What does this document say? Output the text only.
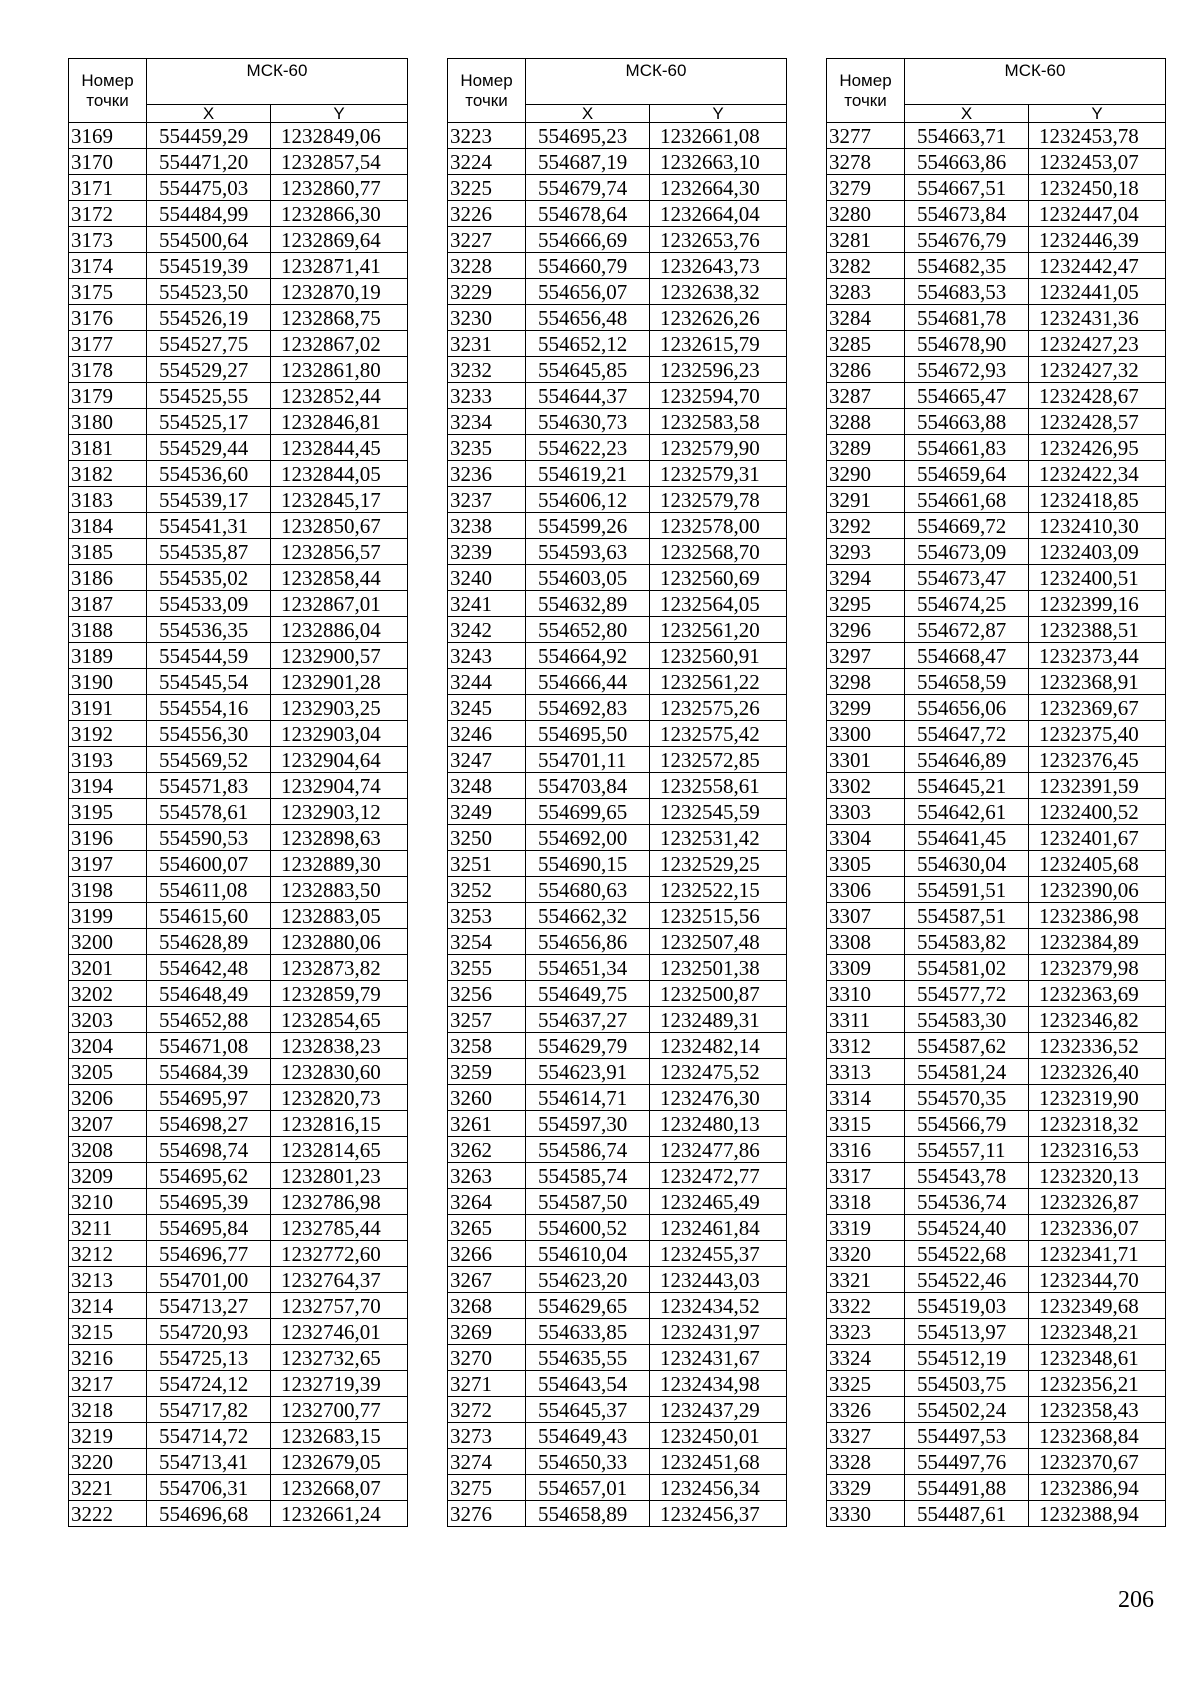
Номер точки	МСК-60	
	X	Y
3169	554459,29	1232849,06
3170	554471,20	1232857,54
3171	554475,03	1232860,77
3172	554484,99	1232866,30
3173	554500,64	1232869,64
3174	554519,39	1232871,41
3175	554523,50	1232870,19
3176	554526,19	1232868,75
3177	554527,75	1232867,02
3178	554529,27	1232861,80
3179	554525,55	1232852,44
3180	554525,17	1232846,81
3181	554529,44	1232844,45
3182	554536,60	1232844,05
3183	554539,17	1232845,17
3184	554541,31	1232850,67
3185	554535,87	1232856,57
3186	554535,02	1232858,44
3187	554533,09	1232867,01
3188	554536,35	1232886,04
3189	554544,59	1232900,57
3190	554545,54	1232901,28
3191	554554,16	1232903,25
3192	554556,30	1232903,04
3193	554569,52	1232904,64
3194	554571,83	1232904,74
3195	554578,61	1232903,12
3196	554590,53	1232898,63
3197	554600,07	1232889,30
3198	554611,08	1232883,50
3199	554615,60	1232883,05
3200	554628,89	1232880,06
3201	554642,48	1232873,82
3202	554648,49	1232859,79
3203	554652,88	1232854,65
3204	554671,08	1232838,23
3205	554684,39	1232830,60
3206	554695,97	1232820,73
3207	554698,27	1232816,15
3208	554698,74	1232814,65
3209	554695,62	1232801,23
3210	554695,39	1232786,98
3211	554695,84	1232785,44
3212	554696,77	1232772,60
3213	554701,00	1232764,37
3214	554713,27	1232757,70
3215	554720,93	1232746,01
3216	554725,13	1232732,65
3217	554724,12	1232719,39
3218	554717,82	1232700,77
3219	554714,72	1232683,15
3220	554713,41	1232679,05
3221	554706,31	1232668,07
3222	554696,68	1232661,24
Номер точки	МСК-60	
	X	Y
3223	554695,23	1232661,08
3224	554687,19	1232663,10
3225	554679,74	1232664,30
3226	554678,64	1232664,04
3227	554666,69	1232653,76
3228	554660,79	1232643,73
3229	554656,07	1232638,32
3230	554656,48	1232626,26
3231	554652,12	1232615,79
3232	554645,85	1232596,23
3233	554644,37	1232594,70
3234	554630,73	1232583,58
3235	554622,23	1232579,90
3236	554619,21	1232579,31
3237	554606,12	1232579,78
3238	554599,26	1232578,00
3239	554593,63	1232568,70
3240	554603,05	1232560,69
3241	554632,89	1232564,05
3242	554652,80	1232561,20
3243	554664,92	1232560,91
3244	554666,44	1232561,22
3245	554692,83	1232575,26
3246	554695,50	1232575,42
3247	554701,11	1232572,85
3248	554703,84	1232558,61
3249	554699,65	1232545,59
3250	554692,00	1232531,42
3251	554690,15	1232529,25
3252	554680,63	1232522,15
3253	554662,32	1232515,56
3254	554656,86	1232507,48
3255	554651,34	1232501,38
3256	554649,75	1232500,87
3257	554637,27	1232489,31
3258	554629,79	1232482,14
3259	554623,91	1232475,52
3260	554614,71	1232476,30
3261	554597,30	1232480,13
3262	554586,74	1232477,86
3263	554585,74	1232472,77
3264	554587,50	1232465,49
3265	554600,52	1232461,84
3266	554610,04	1232455,37
3267	554623,20	1232443,03
3268	554629,65	1232434,52
3269	554633,85	1232431,97
3270	554635,55	1232431,67
3271	554643,54	1232434,98
3272	554645,37	1232437,29
3273	554649,43	1232450,01
3274	554650,33	1232451,68
3275	554657,01	1232456,34
3276	554658,89	1232456,37
Номер точки	МСК-60	
	X	Y
3277	554663,71	1232453,78
3278	554663,86	1232453,07
3279	554667,51	1232450,18
3280	554673,84	1232447,04
3281	554676,79	1232446,39
3282	554682,35	1232442,47
3283	554683,53	1232441,05
3284	554681,78	1232431,36
3285	554678,90	1232427,23
3286	554672,93	1232427,32
3287	554665,47	1232428,67
3288	554663,88	1232428,57
3289	554661,83	1232426,95
3290	554659,64	1232422,34
3291	554661,68	1232418,85
3292	554669,72	1232410,30
3293	554673,09	1232403,09
3294	554673,47	1232400,51
3295	554674,25	1232399,16
3296	554672,87	1232388,51
3297	554668,47	1232373,44
3298	554658,59	1232368,91
3299	554656,06	1232369,67
3300	554647,72	1232375,40
3301	554646,89	1232376,45
3302	554645,21	1232391,59
3303	554642,61	1232400,52
3304	554641,45	1232401,67
3305	554630,04	1232405,68
3306	554591,51	1232390,06
3307	554587,51	1232386,98
3308	554583,82	1232384,89
3309	554581,02	1232379,98
3310	554577,72	1232363,69
3311	554583,30	1232346,82
3312	554587,62	1232336,52
3313	554581,24	1232326,40
3314	554570,35	1232319,90
3315	554566,79	1232318,32
3316	554557,11	1232316,53
3317	554543,78	1232320,13
3318	554536,74	1232326,87
3319	554524,40	1232336,07
3320	554522,68	1232341,71
3321	554522,46	1232344,70
3322	554519,03	1232349,68
3323	554513,97	1232348,21
3324	554512,19	1232348,61
3325	554503,75	1232356,21
3326	554502,24	1232358,43
3327	554497,53	1232368,84
3328	554497,76	1232370,67
3329	554491,88	1232386,94
3330	554487,61	1232388,94
206
